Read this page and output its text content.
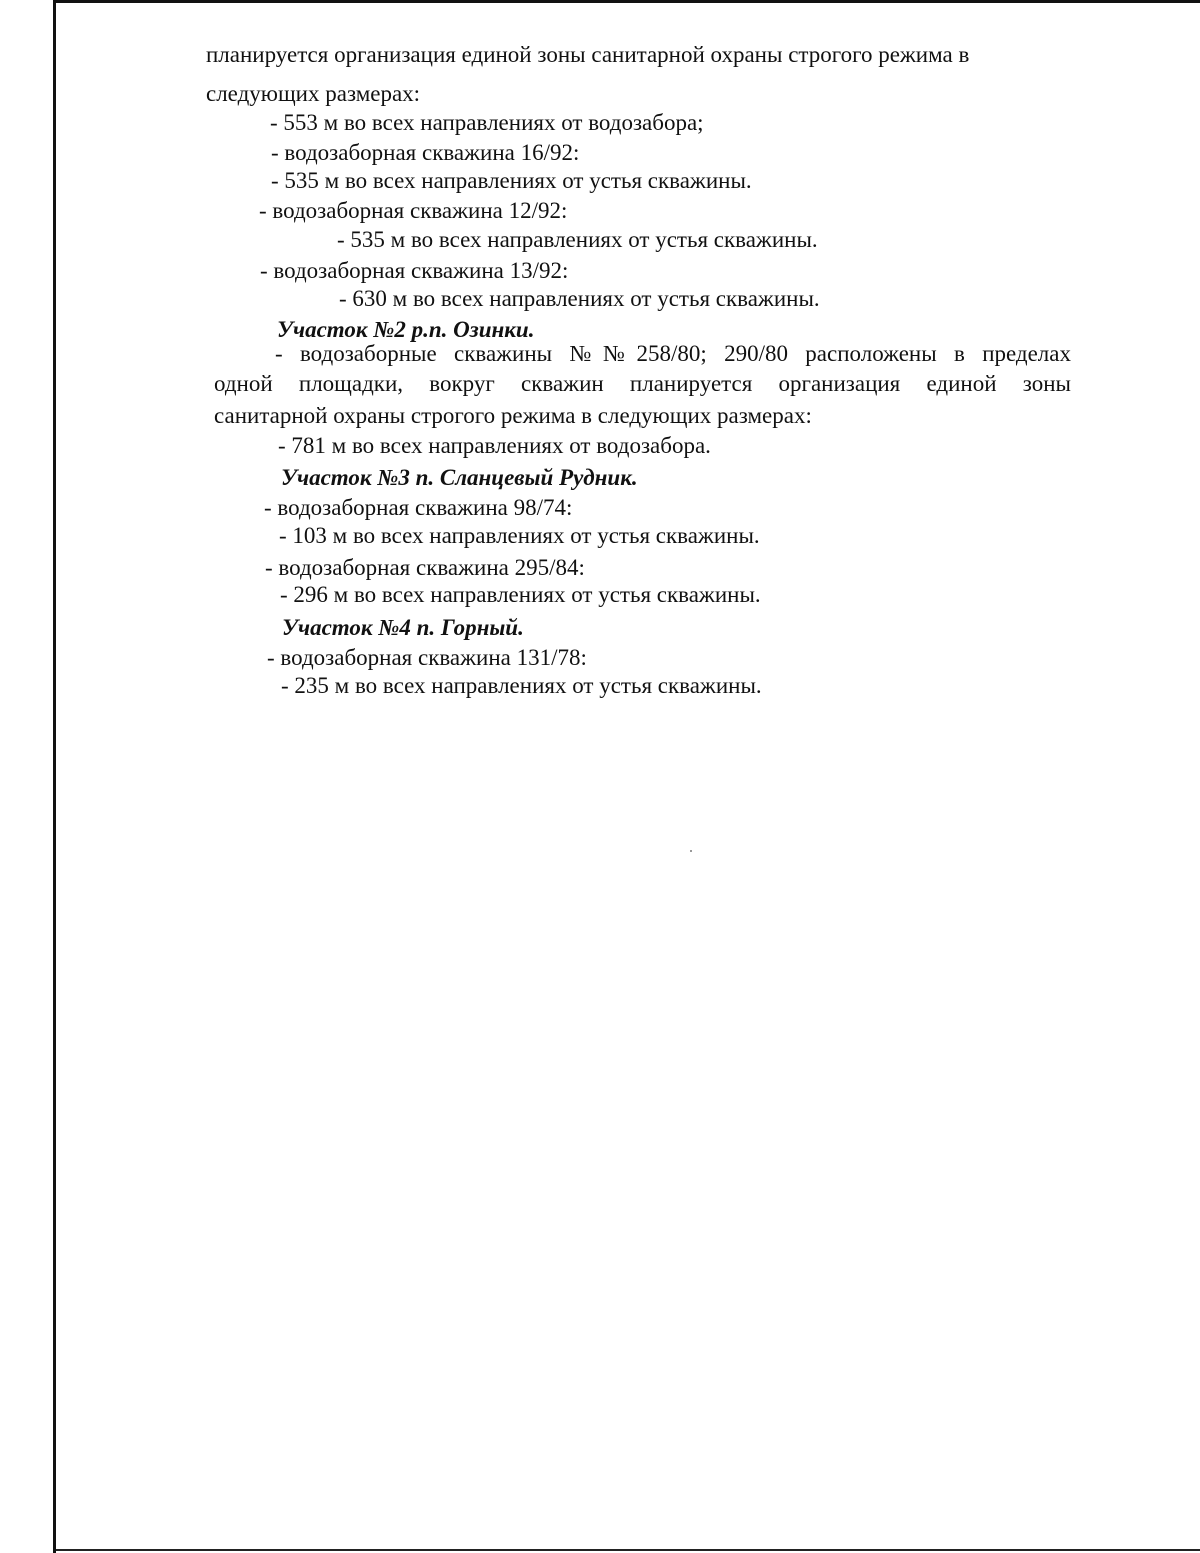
планируется организация единой зоны санитарной охраны строгого режима в
следующих размерах:
- 553 м во всех направлениях от водозабора;
- водозаборная скважина 16/92:
- 535 м во всех направлениях от устья скважины.
- водозаборная скважина 12/92:
- 535 м во всех направлениях от устья скважины.
- водозаборная скважина 13/92:
- 630 м во всех направлениях от устья скважины.
Участок №2 р.п. Озинки.
- водозаборные скважины №№258/80; 290/80 расположены в пределах
одной площадки, вокруг скважин планируется организация единой зоны
санитарной охраны строгого режима в следующих размерах:
- 781 м во всех направлениях от водозабора.
Участок №3 п. Сланцевый Рудник.
- водозаборная скважина 98/74:
- 103 м во всех направлениях от устья скважины.
- водозаборная скважина 295/84:
- 296 м во всех направлениях от устья скважины.
Участок №4 п. Горный.
- водозаборная скважина 131/78:
- 235 м во всех направлениях от устья скважины.
